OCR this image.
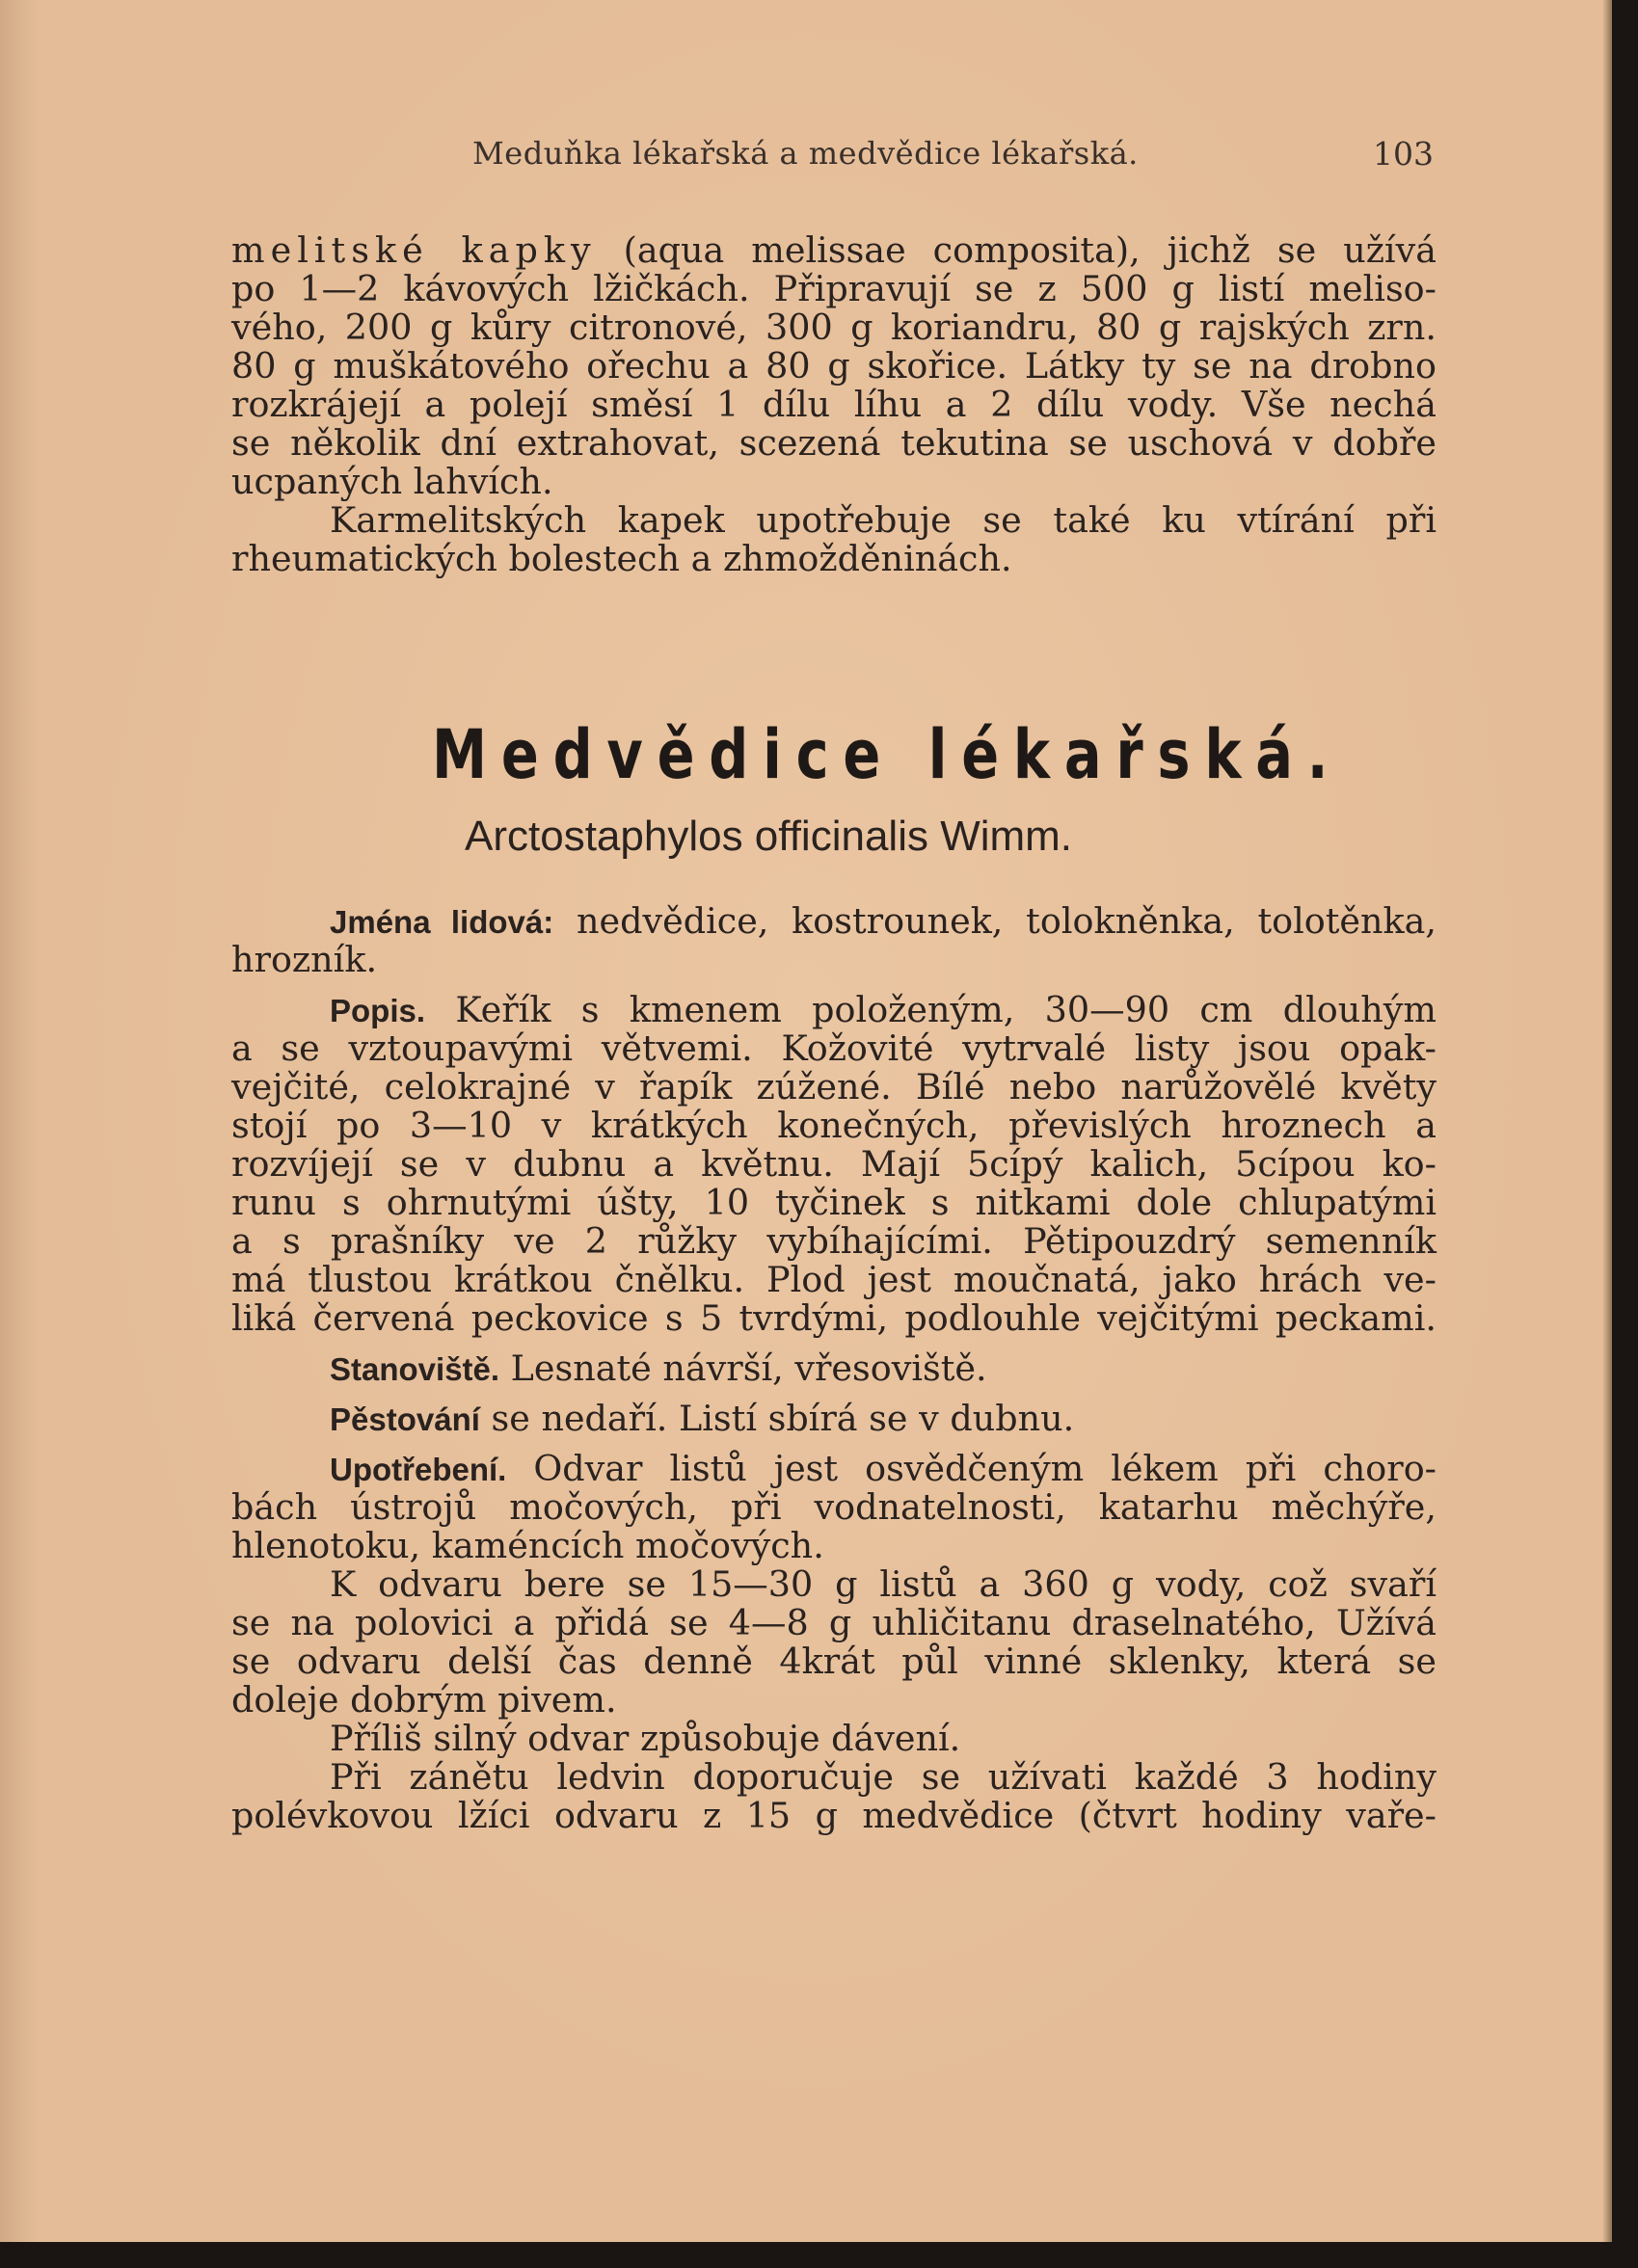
Meduňka lékařská a medvědice lékařská.	103
melitské kapky (aqua melissae composita), jichž se užívá
po 1—2 kávových lžičkách. Připravují se z 500 g listí meliso-
vého, 200 g kůry citronové, 300 g koriandru, 80 g rajských zrn.
80 g muškátového ořechu a 80 g skořice. Látky ty se na drobno
rozkrájejí a polejí směsí 1 dílu líhu a 2 dílu vody. Vše nechá
se několik dní extrahovat, scezená tekutina se uschová v dobře
ucpaných lahvích.
Karmelitských kapek upotřebuje se také ku vtírání při
rheumatických bolestech a zhmožděninách.
Medvědice lékařská.
Arctostaphylos officinalis Wimm.
Jména lidová: nedvědice, kostrounek, tolokněnka, tolotěnka,
hrozník.
Popis. Keřík s kmenem položeným, 30—90 cm dlouhým
a se vztoupavými větvemi. Kožovité vytrvalé listy jsou opak-
vejčité, celokrajné v řapík zúžené. Bílé nebo narůžovělé květy
stojí po 3—10 v krátkých konečných, převislých hroznech a
rozvíjejí se v dubnu a květnu. Mají 5cípý kalich, 5cípou ko-
runu s ohrnutými úšty, 10 tyčinek s nitkami dole chlupatými
a s prašníky ve 2 růžky vybíhajícími. Pětipouzdrý semenník
má tlustou krátkou čnělku. Plod jest moučnatá, jako hrách ve-
liká červená peckovice s 5 tvrdými, podlouhle vejčitými peckami.
Stanoviště. Lesnaté návrší, vřesoviště.
Pěstování se nedaří. Listí sbírá se v dubnu.
Upotřebení. Odvar listů jest osvědčeným lékem při choro-
bách ústrojů močových, při vodnatelnosti, katarhu měchýře,
hlenotoku, kaméncích močových.
K odvaru bere se 15—30 g listů a 360 g vody, což svaří
se na polovici a přidá se 4—8 g uhličitanu draselnatého, Užívá
se odvaru delší čas denně 4krát půl vinné sklenky, která se
doleje dobrým pivem.
Příliš silný odvar způsobuje dávení.
Při zánětu ledvin doporučuje se užívati každé 3 hodiny
polévkovou lžíci odvaru z 15 g medvědice (čtvrt hodiny vaře-
